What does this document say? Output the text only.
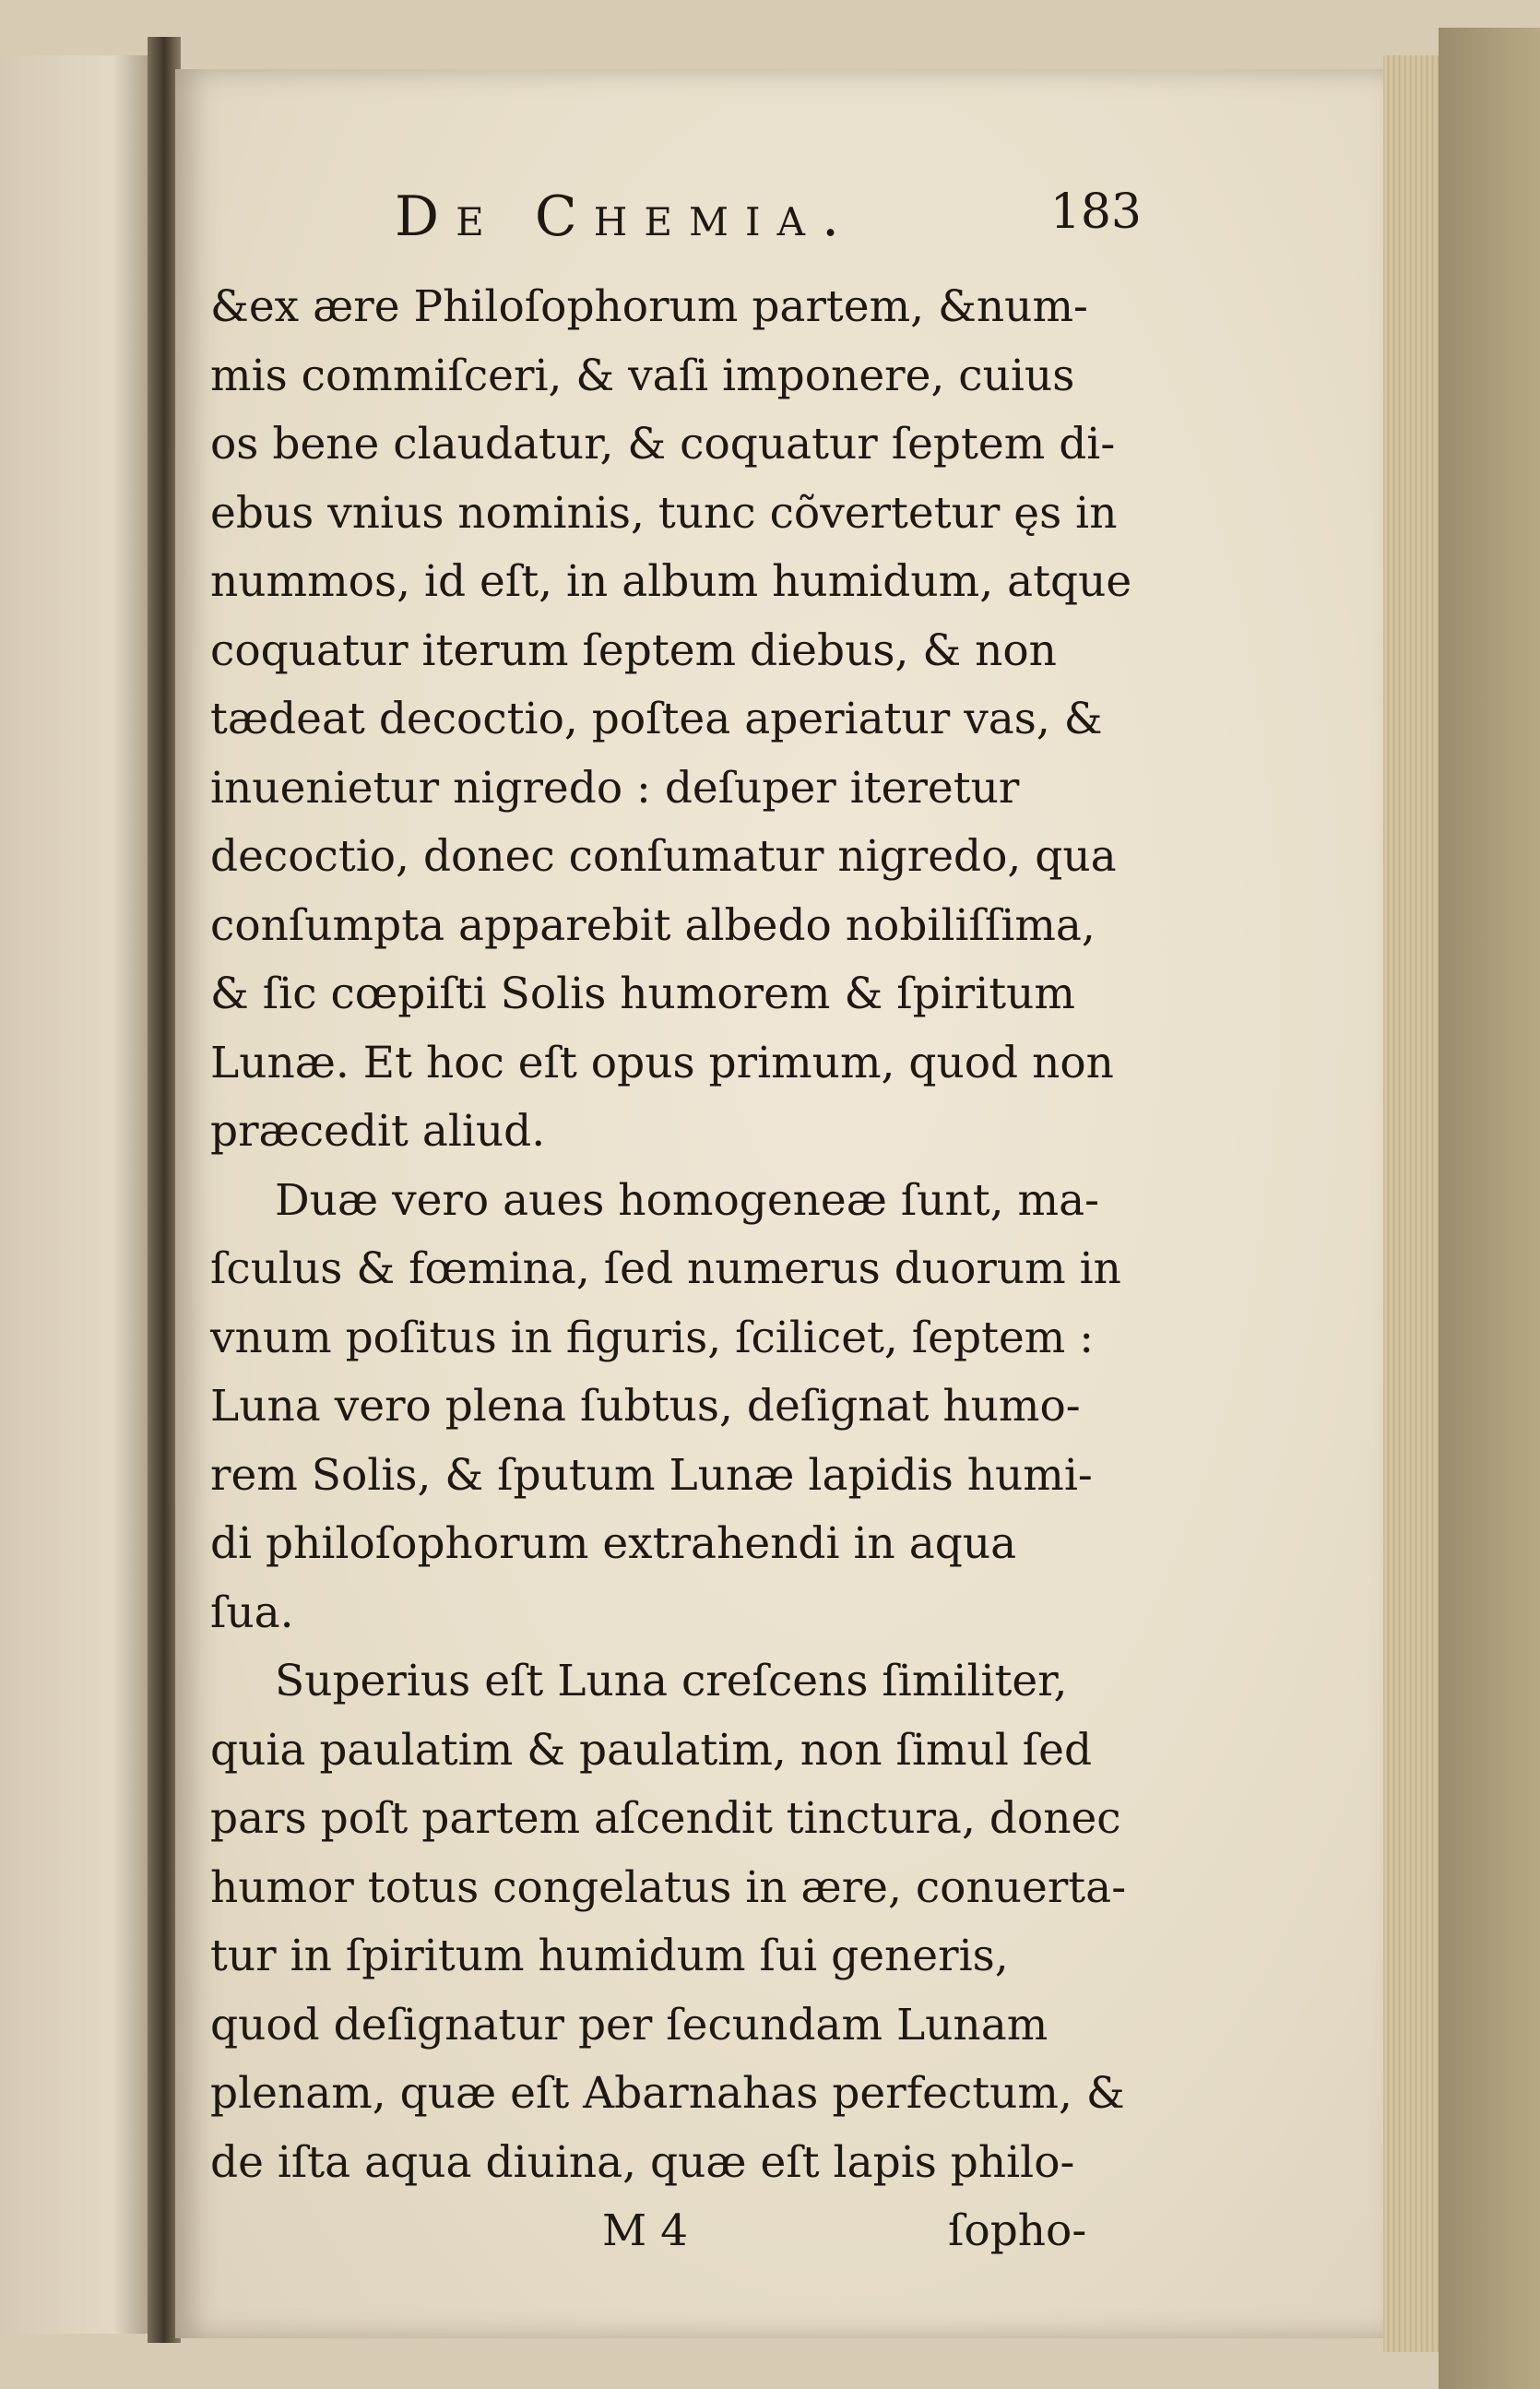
De Chemia.	183
&ex ære Philoſophorum partem, &num-
mis commiſceri, & vaſi imponere, cuius
os bene claudatur, & coquatur ſeptem di-
ebus vnius nominis, tunc cõvertetur ęs in
nummos, id eſt, in album humidum, atque
coquatur iterum ſeptem diebus, & non
tædeat decoctio, poſtea aperiatur vas, &
inuenietur nigredo : deſuper iteretur
decoctio, donec conſumatur nigredo, qua
conſumpta apparebit albedo nobiliſſima,
& ſic cœpiſti Solis humorem & ſpiritum
Lunæ. Et hoc eſt opus primum, quod non
præcedit aliud.
Duæ vero aues homogeneæ ſunt, ma-
ſculus & fœmina, ſed numerus duorum in
vnum poſitus in figuris, ſcilicet, ſeptem :
Luna vero plena ſubtus, deſignat humo-
rem Solis, & ſputum Lunæ lapidis humi-
di philoſophorum extrahendi in aqua
ſua.
Superius eſt Luna creſcens ſimiliter,
quia paulatim & paulatim, non ſimul ſed
pars poſt partem aſcendit tinctura, donec
humor totus congelatus in ære, conuerta-
tur in ſpiritum humidum ſui generis,
quod deſignatur per ſecundam Lunam
plenam, quæ eſt Abarnahas perfectum, &
de iſta aqua diuina, quæ eſt lapis philo-
M 4	ſopho-
